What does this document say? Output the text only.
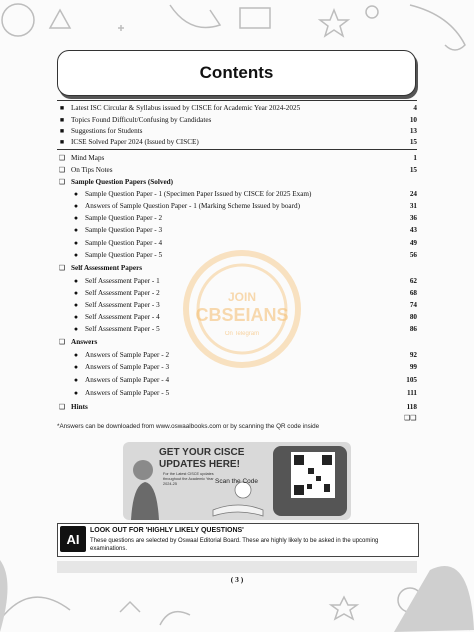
Contents
JOIN
CBSEIANS
On Telegram
■ Latest ISC Circular & Syllabus issued by CISCE for Academic Year 2024-2025	4
■ Topics Found Difficult/Confusing by Candidates	10
■ Suggestions for Students	13
■ ICSE Solved Paper 2024 (Issued by CISCE)	15
❑ Mind Maps	1
❑ On Tips Notes	15
❑ Sample Question Papers (Solved)
● Sample Question Paper - 1 (Specimen Paper Issued by CISCE for 2025 Exam)	24
● Answers of Sample Question Paper - 1 (Marking Scheme Issued by board)	31
● Sample Question Paper - 2	36
● Sample Question Paper - 3	43
● Sample Question Paper - 4	49
● Sample Question Paper - 5	56
❑ Self Assessment Papers
● Self Assessment Paper - 1	62
● Self Assessment Paper - 2	68
● Self Assessment Paper - 3	74
● Self Assessment Paper - 4	80
● Self Assessment Paper - 5	86
❑ Answers
● Answers of Sample Paper - 2	92
● Answers of Sample Paper - 3	99
● Answers of Sample Paper - 4	105
● Answers of Sample Paper - 5	111
❑ Hints	118
❑❑
*Answers can be downloaded from www.oswaalbooks.com or by scanning the QR code inside
GET YOUR CISCE
UPDATES HERE!
For the Latest CISCE updates
throughout the Academic Year
2024-25	Scan the Code
AI
LOOK OUT FOR 'HIGHLY LIKELY QUESTIONS'
These questions are selected by Oswaal Editorial Board. These are highly likely to be asked in the upcoming examinations.
( 3 )
